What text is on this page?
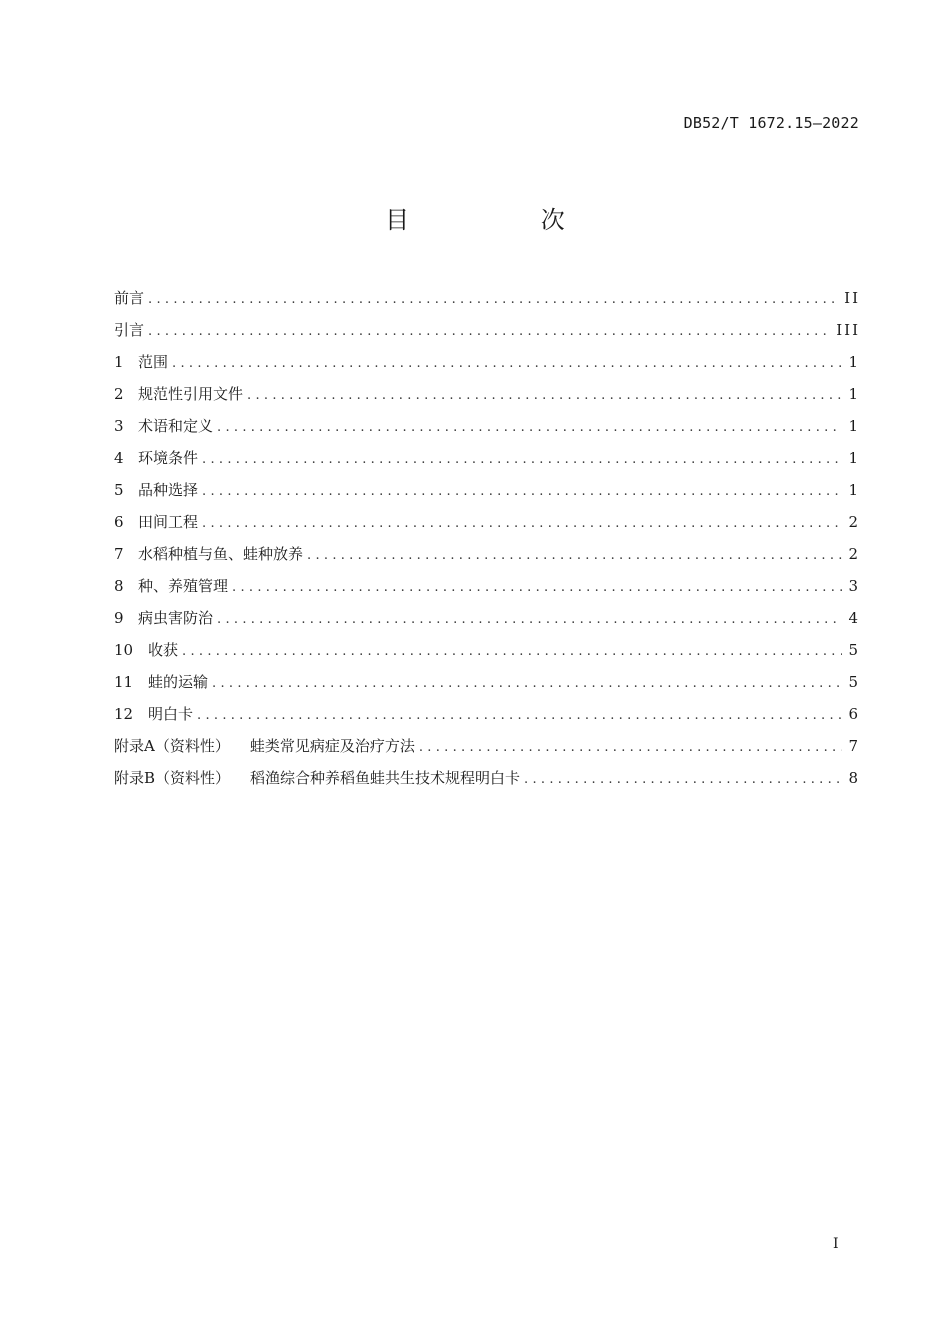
DB52/T 1672.15—2022
目 次
前言 .....	II
引言 .....	III
1 范围 .....	1
2 规范性引用文件 .....	1
3 术语和定义 .....	1
4 环境条件 .....	1
5 品种选择 .....	1
6 田间工程 .....	2
7 水稻种植与鱼、蛙种放养 .....	2
8 种、养殖管理 .....	3
9 病虫害防治 .....	4
10 收获 .....	5
11 蛙的运输 .....	5
12 明白卡 .....	6
附录A（资料性） 蛙类常见病症及治疗方法 .....	7
附录B（资料性） 稻渔综合种养稻鱼蛙共生技术规程明白卡 .....	8
I
